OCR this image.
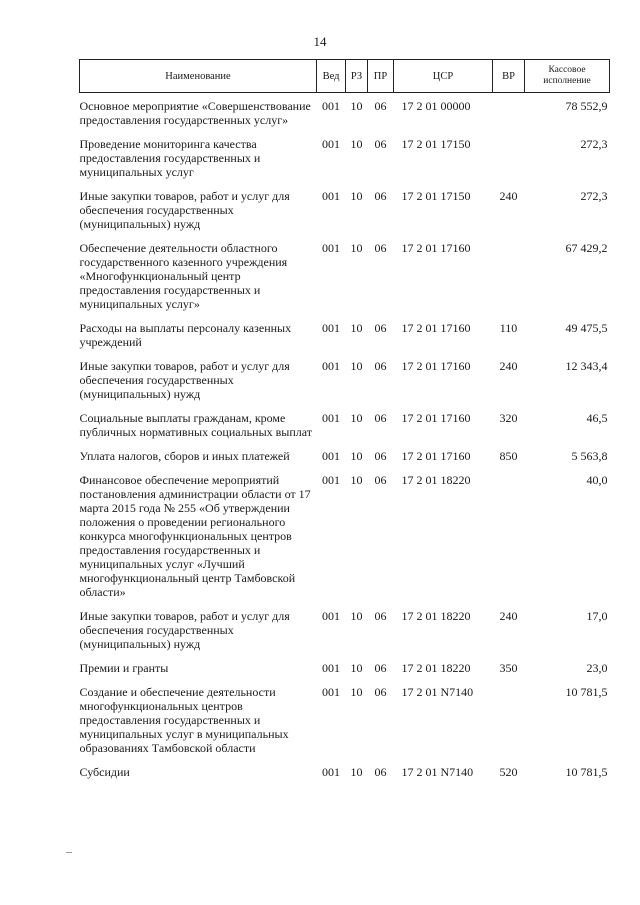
14
Наименование	Вед	РЗ	ПР	ЦСР	ВР	Кассовое исполнение
Основное мероприятие «Совершенствование предоставления государственных услуг»	001	10	06	17 2 01 00000		78 552,9
Проведение мониторинга качества предоставления государственных и муниципальных услуг	001	10	06	17 2 01 17150		272,3
Иные закупки товаров, работ и услуг для обеспечения государственных (муниципальных) нужд	001	10	06	17 2 01 17150	240	272,3
Обеспечение деятельности областного государственного казенного учреждения «Многофункциональный центр предоставления государственных и муниципальных услуг»	001	10	06	17 2 01 17160		67 429,2
Расходы на выплаты персоналу казенных учреждений	001	10	06	17 2 01 17160	110	49 475,5
Иные закупки товаров, работ и услуг для обеспечения государственных (муниципальных) нужд	001	10	06	17 2 01 17160	240	12 343,4
Социальные выплаты гражданам, кроме публичных нормативных социальных выплат	001	10	06	17 2 01 17160	320	46,5
Уплата налогов, сборов и иных платежей	001	10	06	17 2 01 17160	850	5 563,8
Финансовое обеспечение мероприятий постановления администрации области от 17 марта 2015 года № 255 «Об утверждении положения о проведении регионального конкурса многофункциональных центров предоставления государственных и муниципальных услуг «Лучший многофункциональный центр Тамбовской области»	001	10	06	17 2 01 18220		40,0
Иные закупки товаров, работ и услуг для обеспечения государственных (муниципальных) нужд	001	10	06	17 2 01 18220	240	17,0
Премии и гранты	001	10	06	17 2 01 18220	350	23,0
Создание и обеспечение деятельности многофункциональных центров предоставления государственных и муниципальных услуг в муниципальных образованиях Тамбовской области	001	10	06	17 2 01 N7140		10 781,5
Субсидии	001	10	06	17 2 01 N7140	520	10 781,5
